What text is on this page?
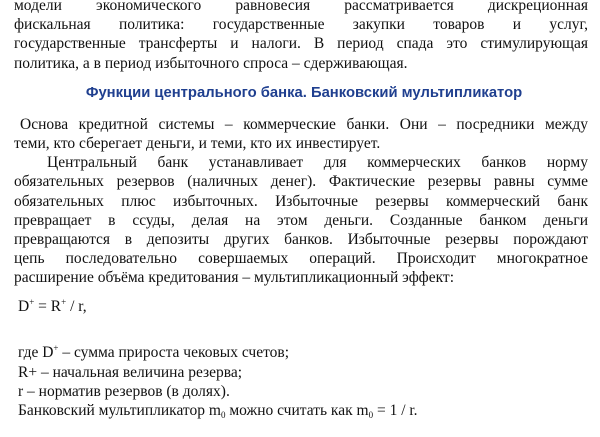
модели экономического равновесия рассматривается дискреционная
фискальная политика: государственные закупки товаров и услуг,
государственные трансферты и налоги. В период спада это стимулирующая
политика, а в период избыточного спроса – сдерживающая.
Функции центрального банка. Банковский мультипликатор
Основа кредитной системы – коммерческие банки. Они – посредники между
теми, кто сберегает деньги, и теми, кто их инвестирует.
Центральный банк устанавливает для коммерческих банков норму
обязательных резервов (наличных денег). Фактические резервы равны сумме
обязательных плюс избыточных. Избыточные резервы коммерческий банк
превращает в ссуды, делая на этом деньги. Созданные банком деньги
превращаются в депозиты других банков. Избыточные резервы порождают
цепь последовательно совершаемых операций. Происходит многократное
расширение объёма кредитования – мультипликационный эффект:
D+ = R+ / r,
где D+ – сумма прироста чековых счетов;
R+ – начальная величина резерва;
r – норматив резервов (в долях).
Банковский мультипликатор $m_0$ можно считать как $m_0 = 1 / r$.
